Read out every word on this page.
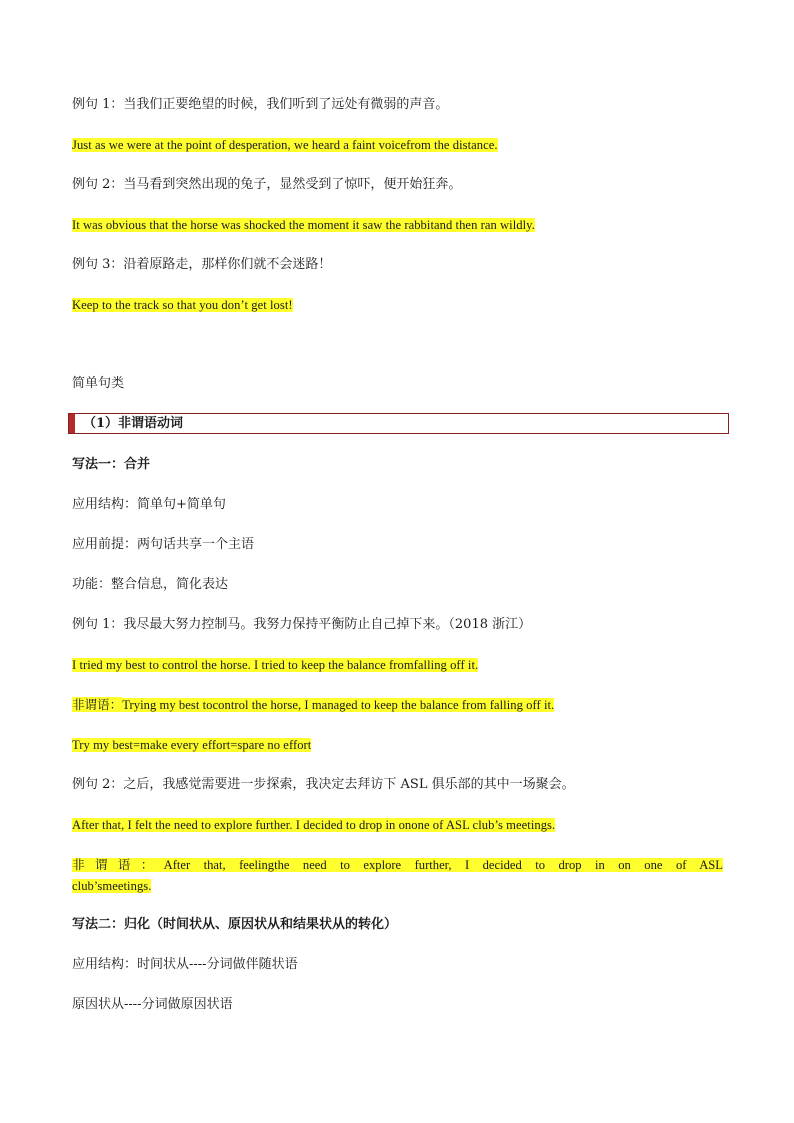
例句 1：当我们正要绝望的时候，我们听到了远处有微弱的声音。
Just as we were at the point of desperation, we heard a faint voicefrom the distance.
例句 2：当马看到突然出现的兔子，显然受到了惊吓，便开始狂奔。
It was obvious that the horse was shocked the moment it saw the rabbitand then ran wildly.
例句 3：沿着原路走，那样你们就不会迷路！
Keep to the track so that you don’t get lost!
简单句类
（1）非谓语动词
写法一：合并
应用结构：简单句+简单句
应用前提：两句话共享一个主语
功能：整合信息，简化表达
例句 1：我尽最大努力控制马。我努力保持平衡防止自己掉下来。（2018 浙江）
I tried my best to control the horse. I tried to keep the balance fromfalling off it.
非谓语：Trying my best tocontrol the horse, I managed to keep the balance from falling off it.
Try my best=make every effort=spare no effort
例句 2：之后，我感觉需要进一步探索，我决定去拜访下 ASL 俱乐部的其中一场聚会。
After that, I felt the need to explore further. I decided to drop in onone of ASL club’s meetings.
非谓语：After that, feelingthe need to explore further, I decided to drop in on one of ASL
club’smeetings.
写法二：归化（时间状从、原因状从和结果状从的转化）
应用结构：时间状从----分词做伴随状语
原因状从----分词做原因状语
